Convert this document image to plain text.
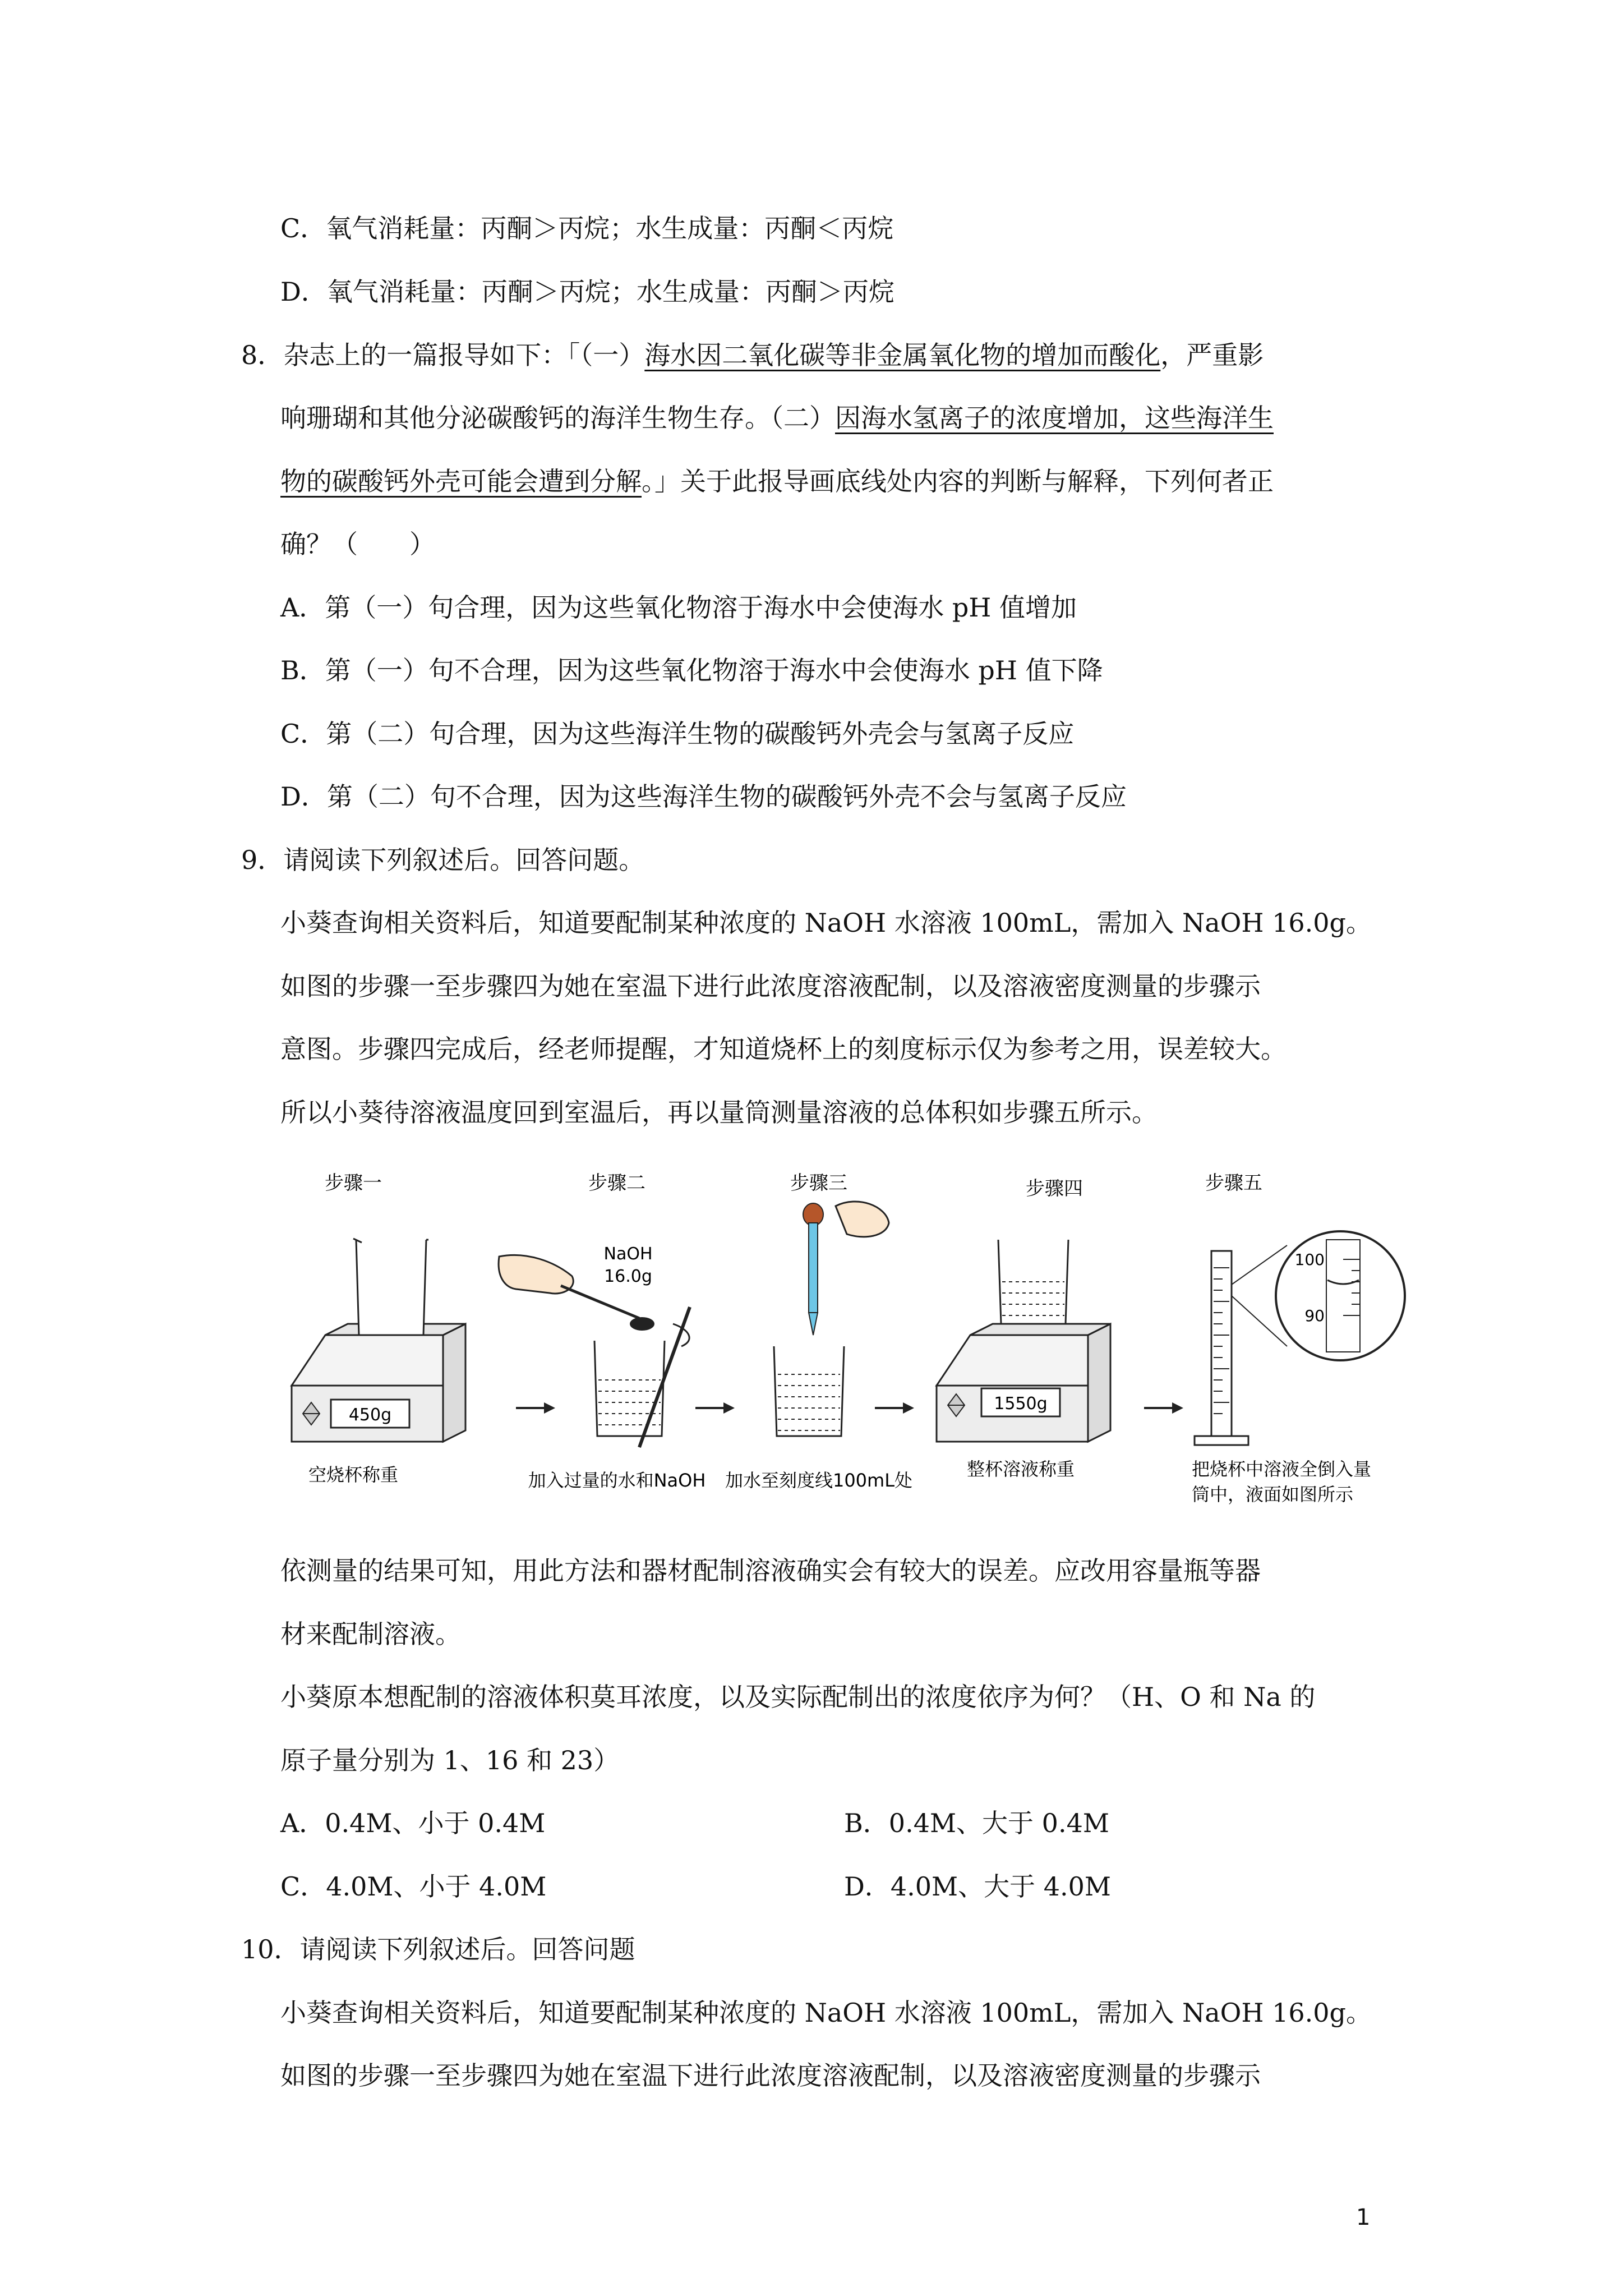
C．氧气消耗量：丙酮＞丙烷；水生成量：丙酮＜丙烷
D．氧气消耗量：丙酮＞丙烷；水生成量：丙酮＞丙烷
8．杂志上的一篇报导如下：「（一）海水因二氧化碳等非金属氧化物的增加而酸化，严重影
响珊瑚和其他分泌碳酸钙的海洋生物生存。（二）因海水氢离子的浓度增加，这些海洋生
物的碳酸钙外壳可能会遭到分解。」关于此报导画底线处内容的判断与解释，下列何者正
确？（　　）
A．第（一）句合理，因为这些氧化物溶于海水中会使海水 pH 值增加
B．第（一）句不合理，因为这些氧化物溶于海水中会使海水 pH 值下降
C．第（二）句合理，因为这些海洋生物的碳酸钙外壳会与氢离子反应
D．第（二）句不合理，因为这些海洋生物的碳酸钙外壳不会与氢离子反应
9．请阅读下列叙述后。回答问题。
小葵查询相关资料后，知道要配制某种浓度的 NaOH 水溶液 100mL，需加入 NaOH 16.0g。
如图的步骤一至步骤四为她在室温下进行此浓度溶液配制，以及溶液密度测量的步骤示
意图。步骤四完成后，经老师提醒，才知道烧杯上的刻度标示仅为参考之用，误差较大。
所以小葵待溶液温度回到室温后，再以量筒测量溶液的总体积如步骤五所示。
步骤一	步骤二	步骤三	步骤四	步骤五
450g
NaOH
16.0g
1550g
100
90
空烧杯称重	加入过量的水和NaOH 加水至刻度线100mL处
整杯溶液称重	把烧杯中溶液全倒入量
筒中，液面如图所示
依测量的结果可知，用此方法和器材配制溶液确实会有较大的误差。应改用容量瓶等器
材来配制溶液。
小葵原本想配制的溶液体积莫耳浓度，以及实际配制出的浓度依序为何？（H、O 和 Na 的
原子量分别为 1、16 和 23）
A．0.4M、小于 0.4M	B．0.4M、大于 0.4M
C．4.0M、小于 4.0M	D．4.0M、大于 4.0M
10．请阅读下列叙述后。回答问题
小葵查询相关资料后，知道要配制某种浓度的 NaOH 水溶液 100mL，需加入 NaOH 16.0g。
如图的步骤一至步骤四为她在室温下进行此浓度溶液配制，以及溶液密度测量的步骤示
1
